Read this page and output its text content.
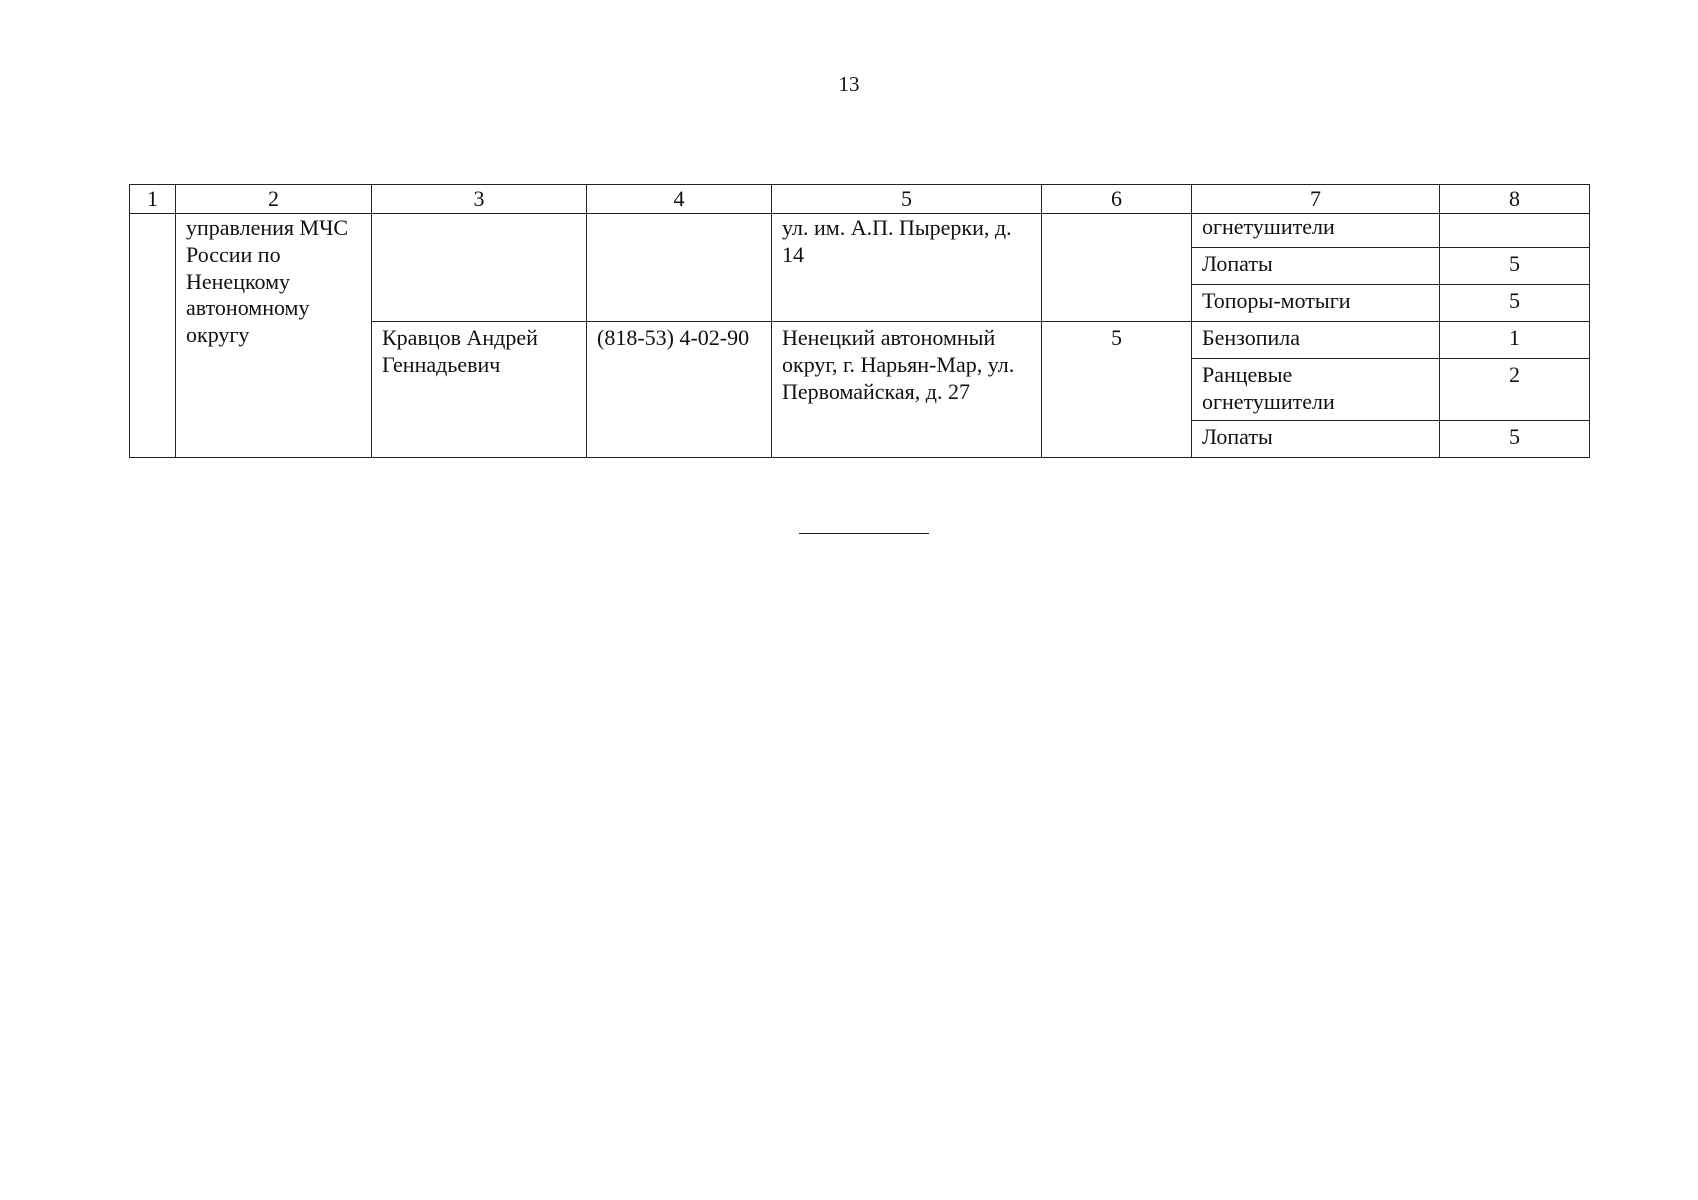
13
1	2	3	4	5	6	7	8
	управления МЧС России по Ненецкому автономному округу			ул. им. А.П. Пырерки, д. 14		огнетушители	
						Лопаты	5
						Топоры-мотыги	5
		Кравцов Андрей Геннадьевич	(818-53) 4-02-90	Ненецкий автономный округ, г. Нарьян-Мар, ул. Первомайская, д. 27	5	Бензопила	1
						Ранцевые огнетушители	2
						Лопаты	5
